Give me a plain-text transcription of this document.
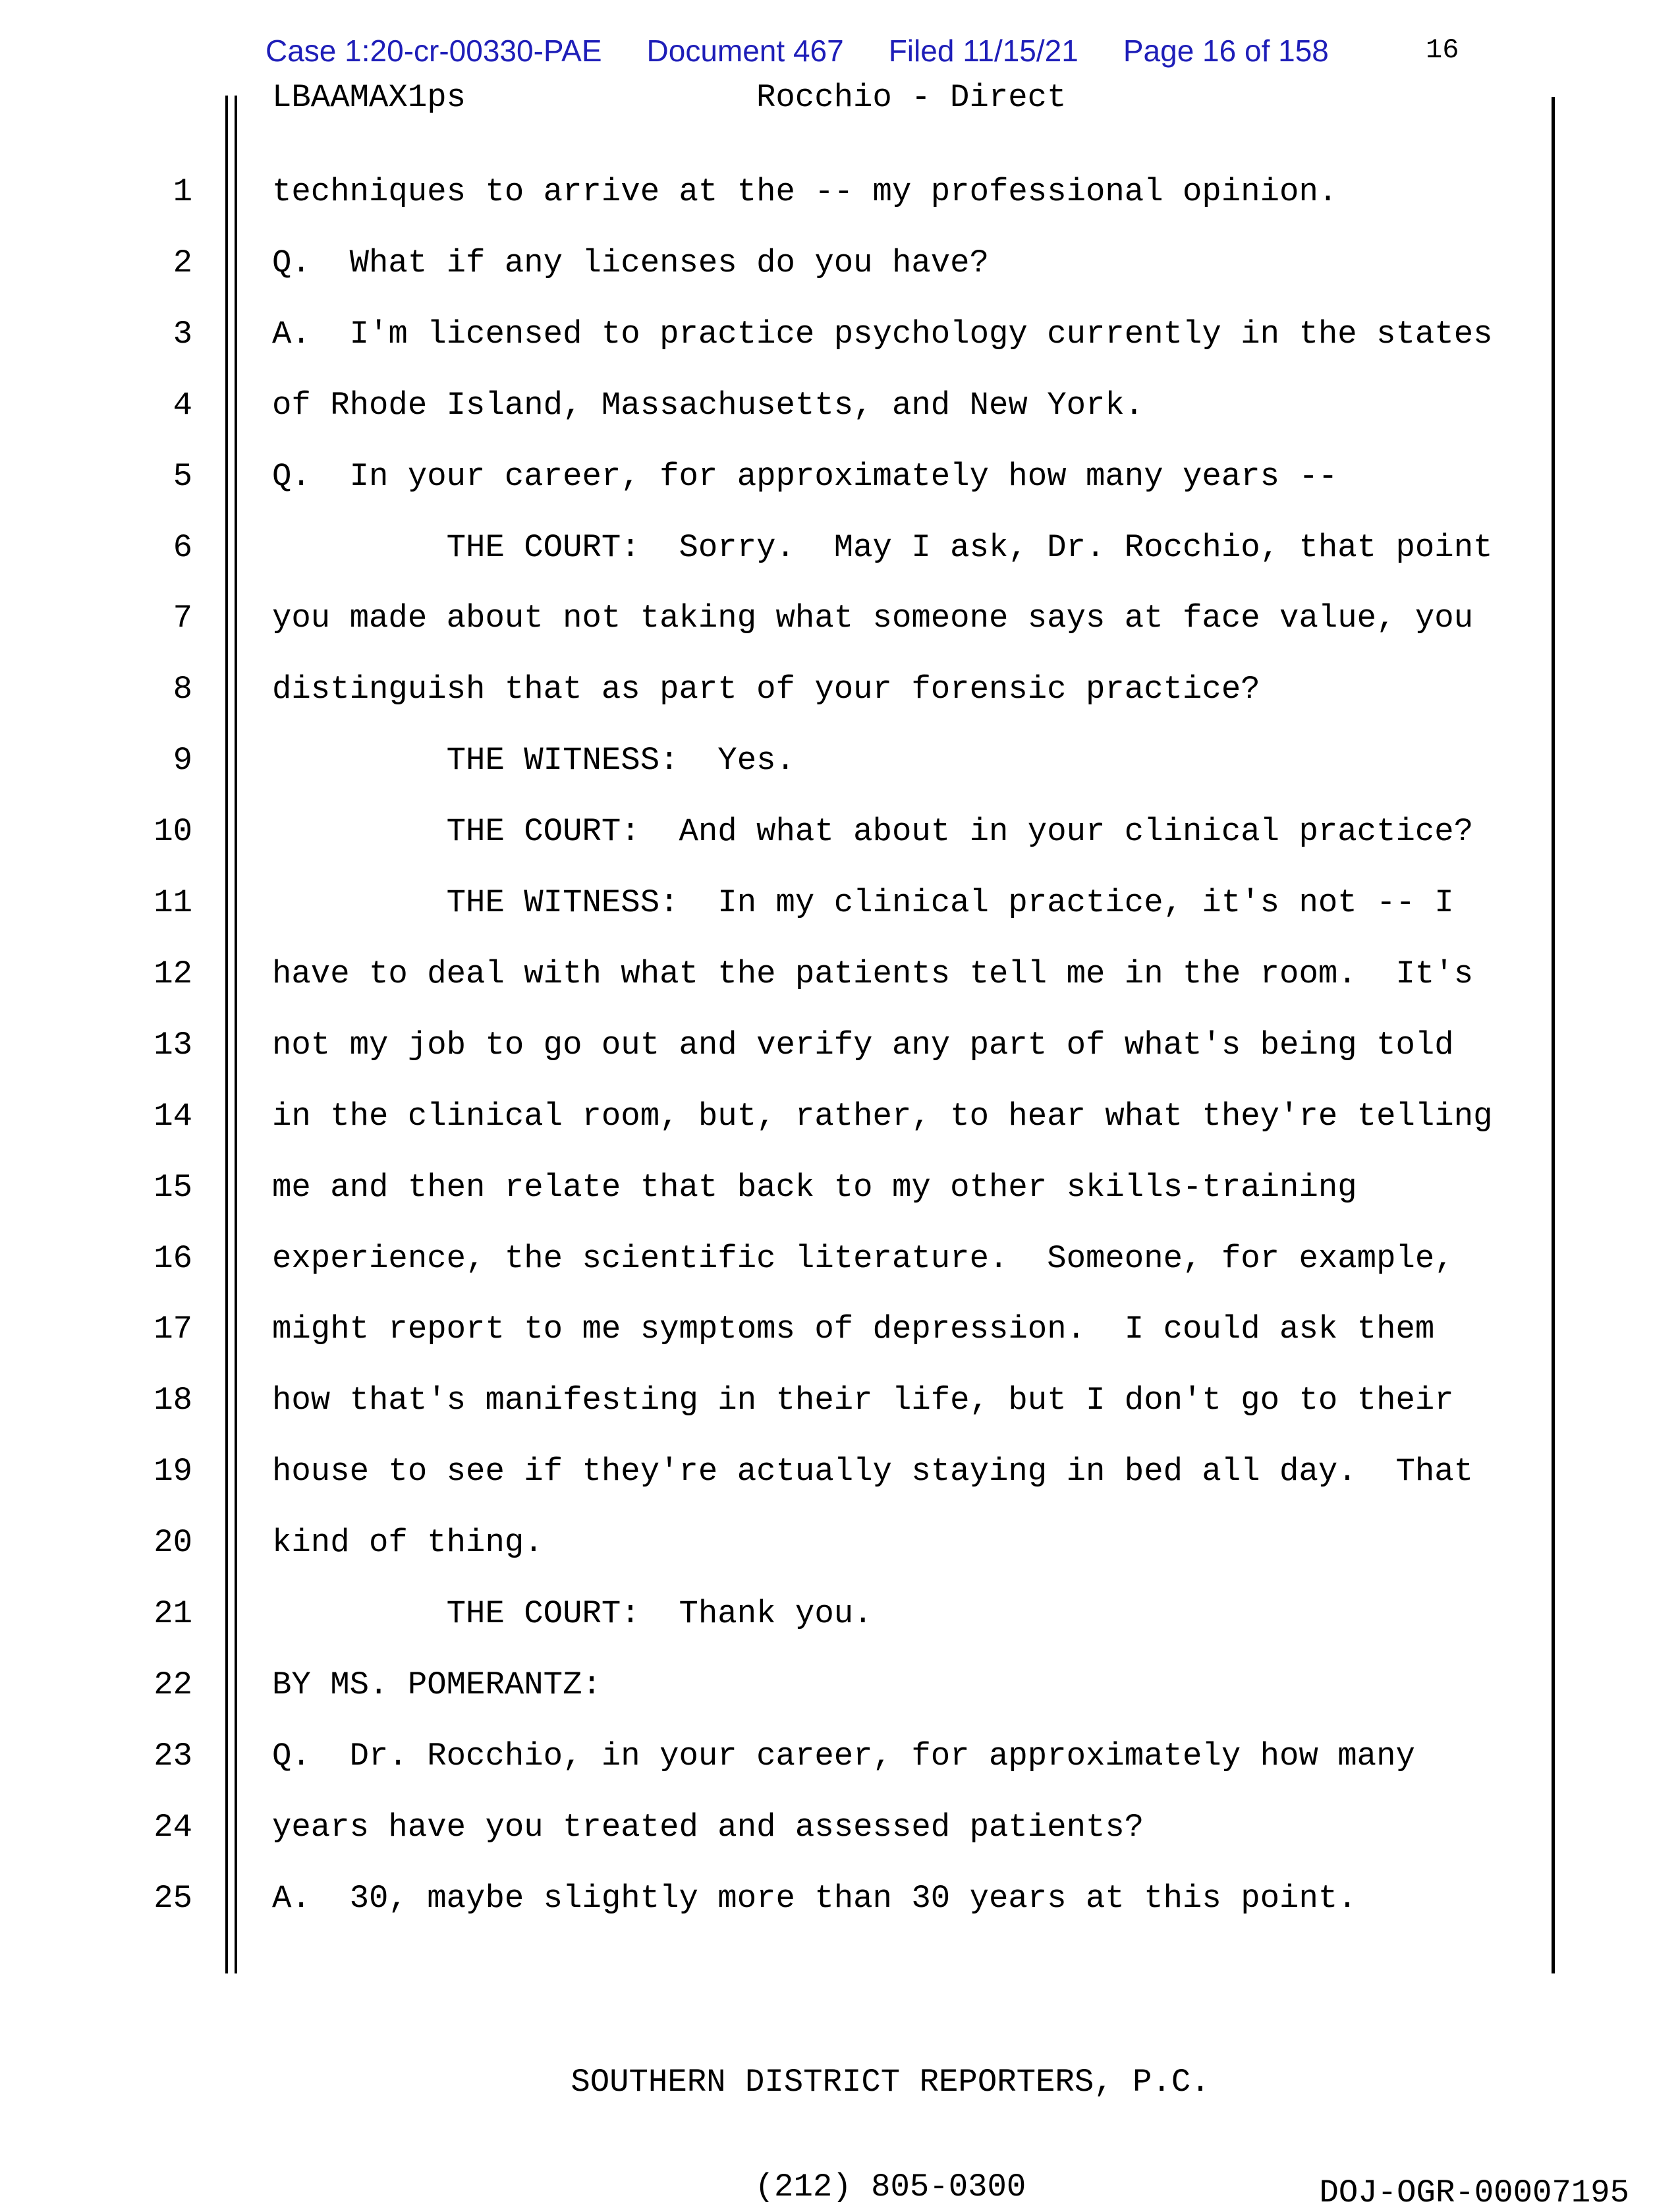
Case 1:20-cr-00330-PAE Document 467 Filed 11/15/21 Page 16 of 158	16
LBAAMAX1ps	Rocchio - Direct
1 techniques to arrive at the -- my professional opinion.
2 Q.  What if any licenses do you have?
3 A.  I'm licensed to practice psychology currently in the states
4 of Rhode Island, Massachusetts, and New York.
5 Q.  In your career, for approximately how many years --
6 THE COURT:  Sorry.  May I ask, Dr. Rocchio, that point
7 you made about not taking what someone says at face value, you
8 distinguish that as part of your forensic practice?
9 THE WITNESS:  Yes.
10 THE COURT:  And what about in your clinical practice?
11 THE WITNESS:  In my clinical practice, it's not -- I
12 have to deal with what the patients tell me in the room.  It's
13 not my job to go out and verify any part of what's being told
14 in the clinical room, but, rather, to hear what they're telling
15 me and then relate that back to my other skills-training
16 experience, the scientific literature.  Someone, for example,
17 might report to me symptoms of depression.  I could ask them
18 how that's manifesting in their life, but I don't go to their
19 house to see if they're actually staying in bed all day.  That
20 kind of thing.
21 THE COURT:  Thank you.
22 BY MS. POMERANTZ:
23 Q.  Dr. Rocchio, in your career, for approximately how many
24 years have you treated and assessed patients?
25 A.  30, maybe slightly more than 30 years at this point.

SOUTHERN DISTRICT REPORTERS, P.C.

(212) 805-0300

	DOJ-OGR-00007195
